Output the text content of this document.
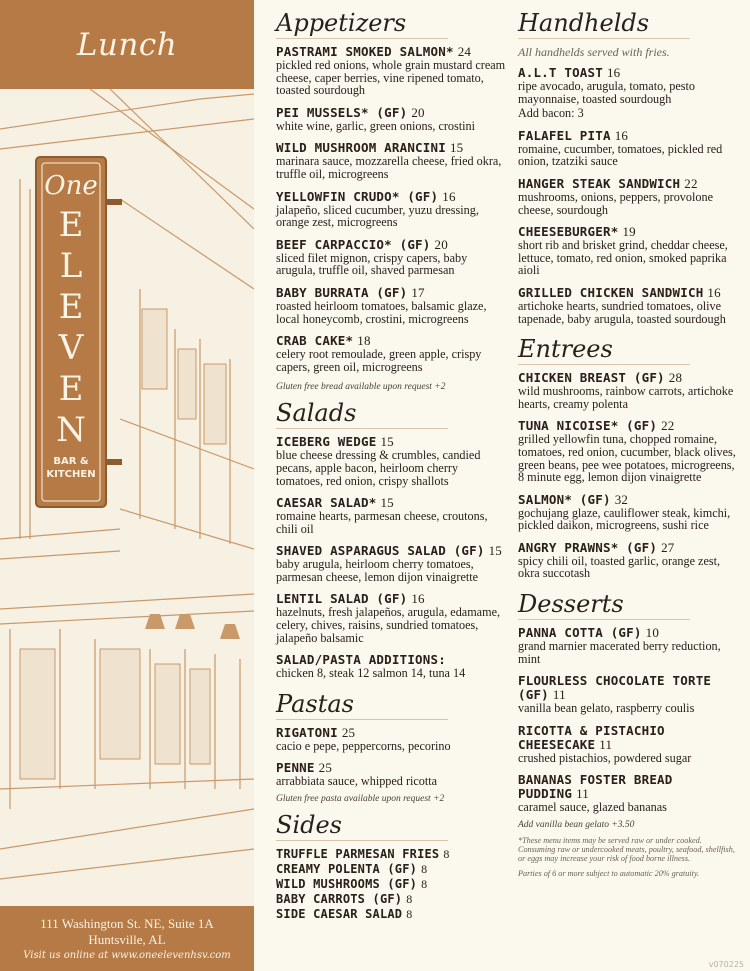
Lunch
One
E
L
E
V
E
N
BAR &
KITCHEN
111 Washington St. NE, Suite 1A
Huntsville, AL
Visit us online at www.oneelevenhsv.com
Appetizers
PASTRAMI SMOKED SALMON* 24
pickled red onions, whole grain mustard cream cheese, caper berries, vine ripened tomato, toasted sourdough
PEI MUSSELS* (GF) 20
white wine, garlic, green onions, crostini
WILD MUSHROOM ARANCINI 15
marinara sauce, mozzarella cheese, fried okra, truffle oil, microgreens
YELLOWFIN CRUDO* (GF) 16
jalapeño, sliced cucumber, yuzu dressing, orange zest, microgreens
BEEF CARPACCIO* (GF) 20
sliced filet mignon, crispy capers, baby arugula, truffle oil, shaved parmesan
BABY BURRATA (GF) 17
roasted heirloom tomatoes, balsamic glaze, local honeycomb, crostini, microgreens
CRAB CAKE* 18
celery root remoulade, green apple, crispy capers, green oil, microgreens
Gluten free bread available upon request +2
Salads
ICEBERG WEDGE 15
blue cheese dressing & crumbles, candied pecans, apple bacon, heirloom cherry tomatoes, red onion, crispy shallots
CAESAR SALAD* 15
romaine hearts, parmesan cheese, croutons, chili oil
SHAVED ASPARAGUS SALAD (GF) 15
baby arugula, heirloom cherry tomatoes, parmesan cheese, lemon dijon vinaigrette
LENTIL SALAD (GF) 16
hazelnuts, fresh jalapeños, arugula, edamame, celery, chives, raisins, sundried tomatoes, jalapeño balsamic
SALAD/PASTA ADDITIONS:
chicken 8, steak 12 salmon 14, tuna 14
Pastas
RIGATONI 25
cacio e pepe, peppercorns, pecorino
PENNE 25
arrabbiata sauce, whipped ricotta
Gluten free pasta available upon request +2
Sides
TRUFFLE PARMESAN FRIES 8
CREAMY POLENTA (GF) 8
WILD MUSHROOMS (GF) 8
BABY CARROTS (GF) 8
SIDE CAESAR SALAD 8
Handhelds
All handhelds served with fries.
A.L.T TOAST 16
ripe avocado, arugula, tomato, pesto mayonnaise, toasted sourdough
Add bacon: 3
FALAFEL PITA 16
romaine, cucumber, tomatoes, pickled red onion, tzatziki sauce
HANGER STEAK SANDWICH 22
mushrooms, onions, peppers, provolone cheese, sourdough
CHEESEBURGER* 19
short rib and brisket grind, cheddar cheese, lettuce, tomato, red onion, smoked paprika aioli
GRILLED CHICKEN SANDWICH 16
artichoke hearts, sundried tomatoes, olive tapenade, baby arugula, toasted sourdough
Entrees
CHICKEN BREAST (GF) 28
wild mushrooms, rainbow carrots, artichoke hearts, creamy polenta
TUNA NICOISE* (GF) 22
grilled yellowfin tuna, chopped romaine, tomatoes, red onion, cucumber, black olives, green beans, pee wee potatoes, microgreens, 8 minute egg, lemon dijon vinaigrette
SALMON* (GF) 32
gochujang glaze, cauliflower steak, kimchi, pickled daikon, microgreens, sushi rice
ANGRY PRAWNS* (GF) 27
spicy chili oil, toasted garlic, orange zest, okra succotash
Desserts
PANNA COTTA (GF) 10
grand marnier macerated berry reduction, mint
FLOURLESS CHOCOLATE TORTE (GF) 11
vanilla bean gelato, raspberry coulis
RICOTTA & PISTACHIO CHEESECAKE 11
crushed pistachios, powdered sugar
BANANAS FOSTER BREAD PUDDING 11
caramel sauce, glazed bananas
Add vanilla bean gelato +3.50
*These menu items may be served raw or under cooked. Consuming raw or undercooked meats, poultry, seafood, shellfish, or eggs may increase your risk of food borne illness.
Parties of 6 or more subject to automatic 20% gratuity.
v070225
